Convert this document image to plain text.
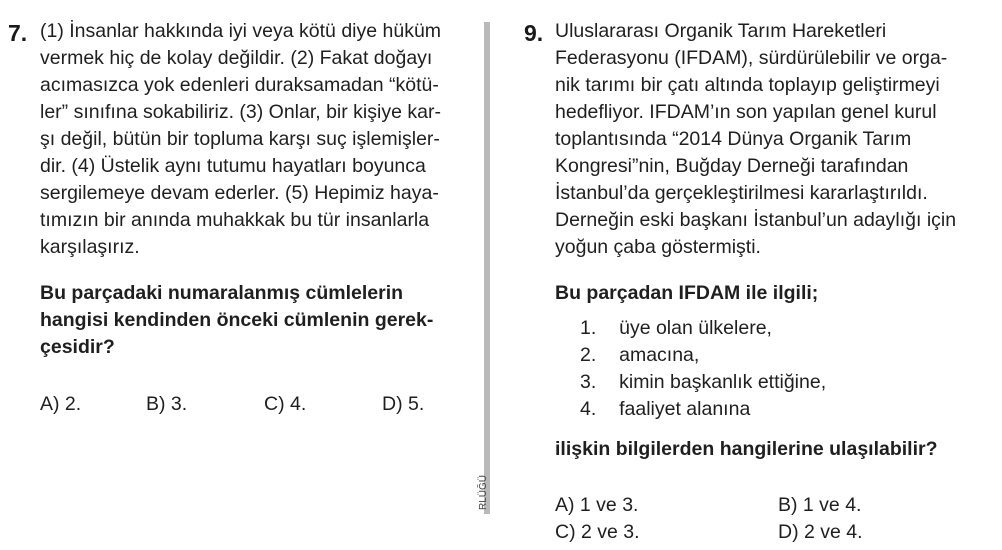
7. (1) İnsanlar hakkında iyi veya kötü diye hüküm
vermek hiç de kolay değildir. (2) Fakat doğayı
acımasızca yok edenleri duraksamadan “kötü-
ler” sınıfına sokabiliriz. (3) Onlar, bir kişiye kar-
şı değil, bütün bir topluma karşı suç işlemişler-
dir. (4) Üstelik aynı tutumu hayatları boyunca
sergilemeye devam ederler. (5) Hepimiz haya-
tımızın bir anında muhakkak bu tür insanlarla
karşılaşırız.
Bu parçadaki numaralanmış cümlelerin
hangisi kendinden önceki cümlenin gerek-
çesidir?
A) 2.	B) 3.	C) 4.	D) 5.
RLÜĞÜ
9. Uluslararası Organik Tarım Hareketleri
Federasyonu (IFDAM), sürdürülebilir ve orga-
nik tarımı bir çatı altında toplayıp geliştirmeyi
hedefliyor. IFDAM’ın son yapılan genel kurul
toplantısında “2014 Dünya Organik Tarım
Kongresi”nin, Buğday Derneği tarafından
İstanbul’da gerçekleştirilmesi kararlaştırıldı.
Derneğin eski başkanı İstanbul’un adaylığı için
yoğun çaba göstermişti.
Bu parçadan IFDAM ile ilgili;
1. üye olan ülkelere,
2. amacına,
3. kimin başkanlık ettiğine,
4. faaliyet alanına
ilişkin bilgilerden hangilerine ulaşılabilir?
A) 1 ve 3.	B) 1 ve 4.
C) 2 ve 3.	D) 2 ve 4.
